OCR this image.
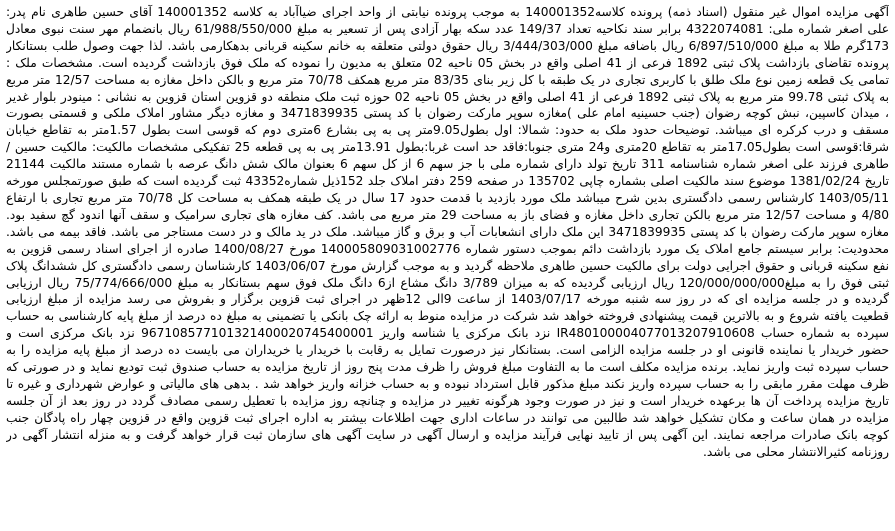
آگهی مزایده اموال غیر منقول (اسناد ذمه) پرونده کلاسه140001352 به موجب پرونده نیابتی از واحد اجرای ضیاآباد به کلاسه 140001352 آقای حسین طاهری نام پدر: علی اصغر شماره ملی: 4322074081 برابر سند نکاحیه تعداد 149/37 عدد سکه بهار آزادی پس از تسعیر به مبلغ 61/988/550/000 ریال بانضمام مهر سنت نبوی معادل 173گرم طلا به مبلغ 6/897/510/000 ریال باضافه مبلغ 3/444/303/000 ریال حقوق دولتی متعلقه به خانم سکینه قربانی بدهکارمی باشد. لذا جهت وصول طلب بستانکار پرونده تقاضای بازداشت پلاک ثبتی 1892 فرعی از 41 اصلی واقع در بخش 05 ناحیه 02 متعلق به مدیون را نموده که ملک فوق بازداشت گردیده است. مشخصات ملک : تمامی یک قطعه زمین نوع ملک طلق با کاربری تجاری در یک طبقه با کل زیر بنای 83/35 متر مربع همکف 70/78 متر مربع و بالکن داخل مغازه به مساحت 12/57 متر مربع به پلاک ثبتی 99.78 متر مربع به پلاک ثبتی 1892 فرعی از 41 اصلی واقع در بخش 05 ناحیه 02 حوزه ثبت ملک منطقه دو قزوین استان قزوین به نشانی : مینودر بلوار غدیر ، میدان کاسپین، نبش کوچه رضوان (جنب حسینیه امام علی )مغازه سوپر مارکت رضوان با کد پستی 3471839935 و مغازه دیگر مشاور املاک ملکی و قسمتی بصورت مسقف و درب کرکره ای میباشد. توضیحات حدود ملک به حدود: شمالا: اول بطول9.05متر پی به پی بشارع 6متری دوم که قوسی است بطول 1.57متر به تقاطع خیابان شرقا:قوسی است بطول17.05متر به تقاطع 20متری و24 متری جنوبا:فاقد حد است غربا:بطول 13.91متر پی به پی قطعه 25 تفکیکی مشخصات مالکیت: مالکیت حسین / طاهری فرزند علی اصغر شماره شناسنامه 311 تاریخ تولد دارای شماره ملی با جز سهم 6 از کل سهم 6 بعنوان مالک شش دانگ عرصه با شماره مستند مالکیت 21144 تاریخ 1381/02/24 موضوع سند مالکیت اصلی بشماره چاپی 135702 در صفحه 259 دفتر املاک جلد 152ذیل شماره43352 ثبت گردیده است که طبق صورتمجلس مورخه 1403/05/11 کارشناس رسمی دادگستری بدین شرح میباشد ملک مورد بازدید با قدمت حدود 17 سال در یک طبقه همکف به مساحت کل 70/78 متر مربع تجاری با ارتفاع 4/80 و مساحت 12/57 متر مربع بالکن تجاری داخل مغازه و فضای باز به مساحت 29 متر مربع می باشد. کف مغازه های تجاری سرامیک و سقف آنها اندود گچ سفید بود. مغازه سوپر مارکت رضوان با کد پستی 3471839935 این ملک دارای انشعابات آب و برق و گاز میباشد. ملک در ید مالک و در دست مستاجر می باشد. فاقد بیمه می باشد. محدودیت: برابر سیستم جامع املاک یک مورد بازداشت دائم بموجب دستور شماره 140005809031002776 مورخ 1400/08/27 صادره از اجرای اسناد رسمی قزوین به نفع سکینه قربانی و حقوق اجرایی دولت برای مالکیت حسین طاهری ملاحظه گردید و به موجب گزارش مورخ 1403/06/07 کارشناسان رسمی دادگستری کل ششدانگ پلاک ثبتی فوق را به مبلغ120/000/000/000 ریال ارزیابی گردیده که به میزان 3/789 دانگ مشاع از6 دانگ ملک فوق سهم بستانکار به مبلغ 75/774/666/000 ریال ارزیابی گردیده و در جلسه مزایده ای که در روز سه شنبه مورخه 1403/07/17 از ساعت 9الی 12ظهر در اجرای ثبت قزوین برگزار و بفروش می رسد مزایده از مبلغ ارزیابی قطعیت یافته شروع و به بالاترین قیمت پیشنهادی فروخته خواهد شد شرکت در مزایده منوط به ارائه چک بانکی یا تضمینی به مبلغ ده درصد از مبلغ پایه کارشناسی به حساب سپرده به شماره حساب IR480100004077013207910608 نزد بانک مرکزی یا شناسه واریز 967108577101321400020745400001 نزد بانک مرکزی است و حضور خریدار یا نماینده قانونی او در جلسه مزایده الزامی است. بستانکار نیز درصورت تمایل به رقابت با خریدار یا خریداران می بایست ده درصد از مبلغ پایه مزایده را به حساب سپرده ثبت واریز نماید. برنده مزایده مکلف است ما به التفاوت مبلغ فروش را ظرف مدت پنج روز از تاریخ مزایده به حساب صندوق ثبت تودیع نماید و در صورتی که ظرف مهلت مقرر مابقی را به حساب سپرده واریز نکند مبلغ مذکور قابل استرداد نبوده و به حساب خزانه واریز خواهد شد . بدهی های مالیاتی و عوارض شهرداری و غیره تا تاریخ مزایده پرداخت آن ها برعهده خریدار است و نیز در صورت وجود هرگونه تغییر در مزایده و چنانچه روز مزایده با تعطیل رسمی مصادف گردد در روز بعد از آن جلسه مزایده در همان ساعت و مکان تشکیل خواهد شد طالبین می توانند در ساعات اداری جهت اطلاعات بیشتر به اداره اجرای ثبت قزوین واقع در قزوین چهار راه پادگان جنب کوچه بانک صادرات مراجعه نمایند. این آگهی پس از تایید نهایی فرآیند مزایده و ارسال آگهی در سایت آگهی های سازمان ثبت قرار خواهد گرفت و به منزله انتشار آگهی در روزنامه کثیرالانتشار محلی می باشد.
